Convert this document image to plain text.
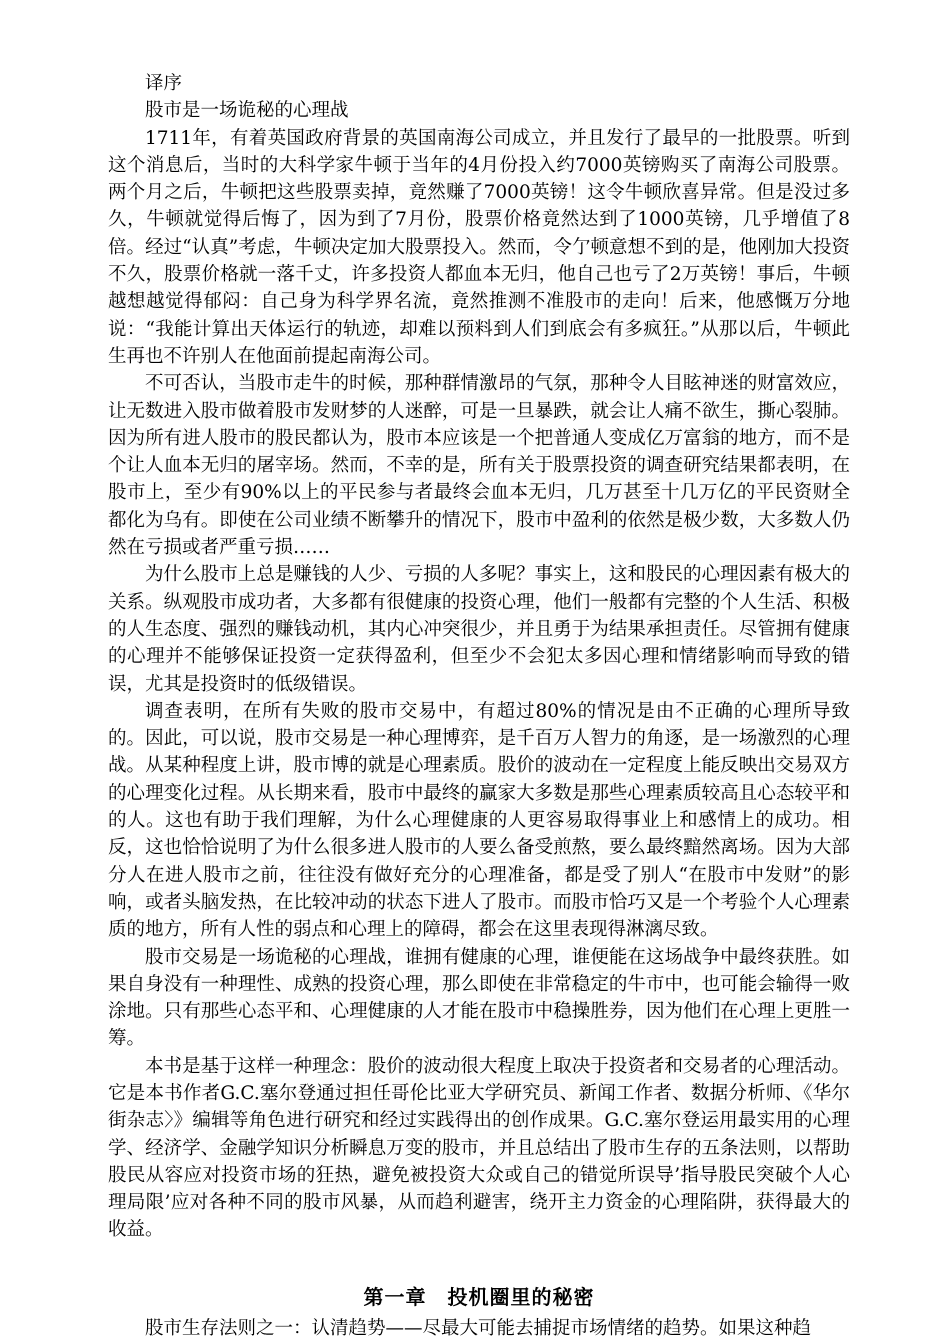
译序

股市是一场诡秘的心理战

1711年，有着英国政府背景的英国南海公司成立，并且发行了最早的一批股票。听到这个消息后，当时的大科学家牛顿于当年的4月份投入约7000英镑购买了南海公司股票。两个月之后，牛顿把这些股票卖掉，竟然赚了7000英镑！这令牛顿欣喜异常。但是没过多久，牛顿就觉得后悔了，因为到了7月份，股票价格竟然达到了1000英镑，几乎增值了8倍。经过“认真”考虑，牛顿决定加大股票投入。然而，令亇顿意想不到的是，他刚加大投资不久，股票价格就一落千丈，许多投资人都血本无归，他自己也亏了2万英镑！事后，牛顿越想越觉得郁闷：自己身为科学界名流，竟然推测不准股市的走向！后来，他感慨万分地说：“我能计算出天体运行的轨迹，却难以预料到人们到底会有多疯狂。”从那以后，牛顿此生再也不许别人在他面前提起南海公司。

不可否认，当股市走牛的时候，那种群情激昂的气氛，那种令人目眩神迷的财富效应，让无数进入股市做着股市发财梦的人迷醉，可是一旦暴跌，就会让人痛不欲生，撕心裂肺。因为所有进人股市的股民都认为，股市本应该是一个把普通人变成亿万富翁的地方，而不是个让人血本无归的屠宰场。然而，不幸的是，所有关于股票投资的调查研究结果都表明，在股市上，至少有90%以上的平民参与者最终会血本无归，几万甚至十几万亿的平民资财全都化为乌有。即使在公司业绩不断攀升的情况下，股市中盈利的依然是极少数，大多数人仍然在亏损或者严重亏损……

为什么股市上总是赚钱的人少、亏损的人多呢？事实上，这和股民的心理因素有极大的关系。纵观股市成功者，大多都有很健康的投资心理，他们一般都有完整的个人生活、积极的人生态度、强烈的赚钱动机，其内心冲突很少，并且勇于为结果承担责任。尽管拥有健康的心理并不能够保证投资一定获得盈利，但至少不会犯太多因心理和情绪影响而导致的错误，尤其是投资时的低级错误。

调查表明，在所有失败的股市交易中，有超过80%的情况是由不正确的心理所导致的。因此，可以说，股市交易是一种心理博弈，是千百万人智力的角逐，是一场激烈的心理战。从某种程度上讲，股市博的就是心理素质。股价的波动在一定程度上能反映出交易双方的心理变化过程。从长期来看，股市中最终的赢家大多数是那些心理素质较高且心态较平和的人。这也有助于我们理解，为什么心理健康的人更容易取得事业上和感情上的成功。相反，这也恰恰说明了为什么很多进人股市的人要么备受煎熬，要么最终黯然离场。因为大部分人在进人股市之前，往往没有做好充分的心理准备，都是受了别人“在股市中发财”的影响，或者头脑发热，在比较冲动的状态下进人了股市。而股市恰巧又是一个考验个人心理素质的地方，所有人性的弱点和心理上的障碍，都会在这里表现得淋漓尽致。

股市交易是一场诡秘的心理战，谁拥有健康的心理，谁便能在这场战争中最终获胜。如果自身没有一种理性、成熟的投资心理，那么即使在非常稳定的牛市中，也可能会输得一败涂地。只有那些心态平和、心理健康的人才能在股市中稳操胜券，因为他们在心理上更胜一筹。

本书是基于这样一种理念：股价的波动很大程度上取决于投资者和交易者的心理活动。它是本书作者G.C.塞尔登通过担任哥伦比亚大学研究员、新闻工作者、数据分析师、《华尔街杂志〉》编辑等角色进行研究和经过实践得出的创作成果。G.C.塞尔登运用最实用的心理学、经济学、金融学知识分析瞬息万变的股市，并且总结出了股市生存的五条法则，以帮助股民从容应对投资市场的狂热，避免被投资大众或自己的错觉所误导’指导股民突破个人心理局限’应对各种不同的股市风暴，从而趋利避害，绕开主力资金的心理陷阱，获得最大的收益。

第一章　投机圈里的秘密

股市生存法则之一：认清趋势——尽最大可能去捕捉市场情绪的趋势。如果这种趋
